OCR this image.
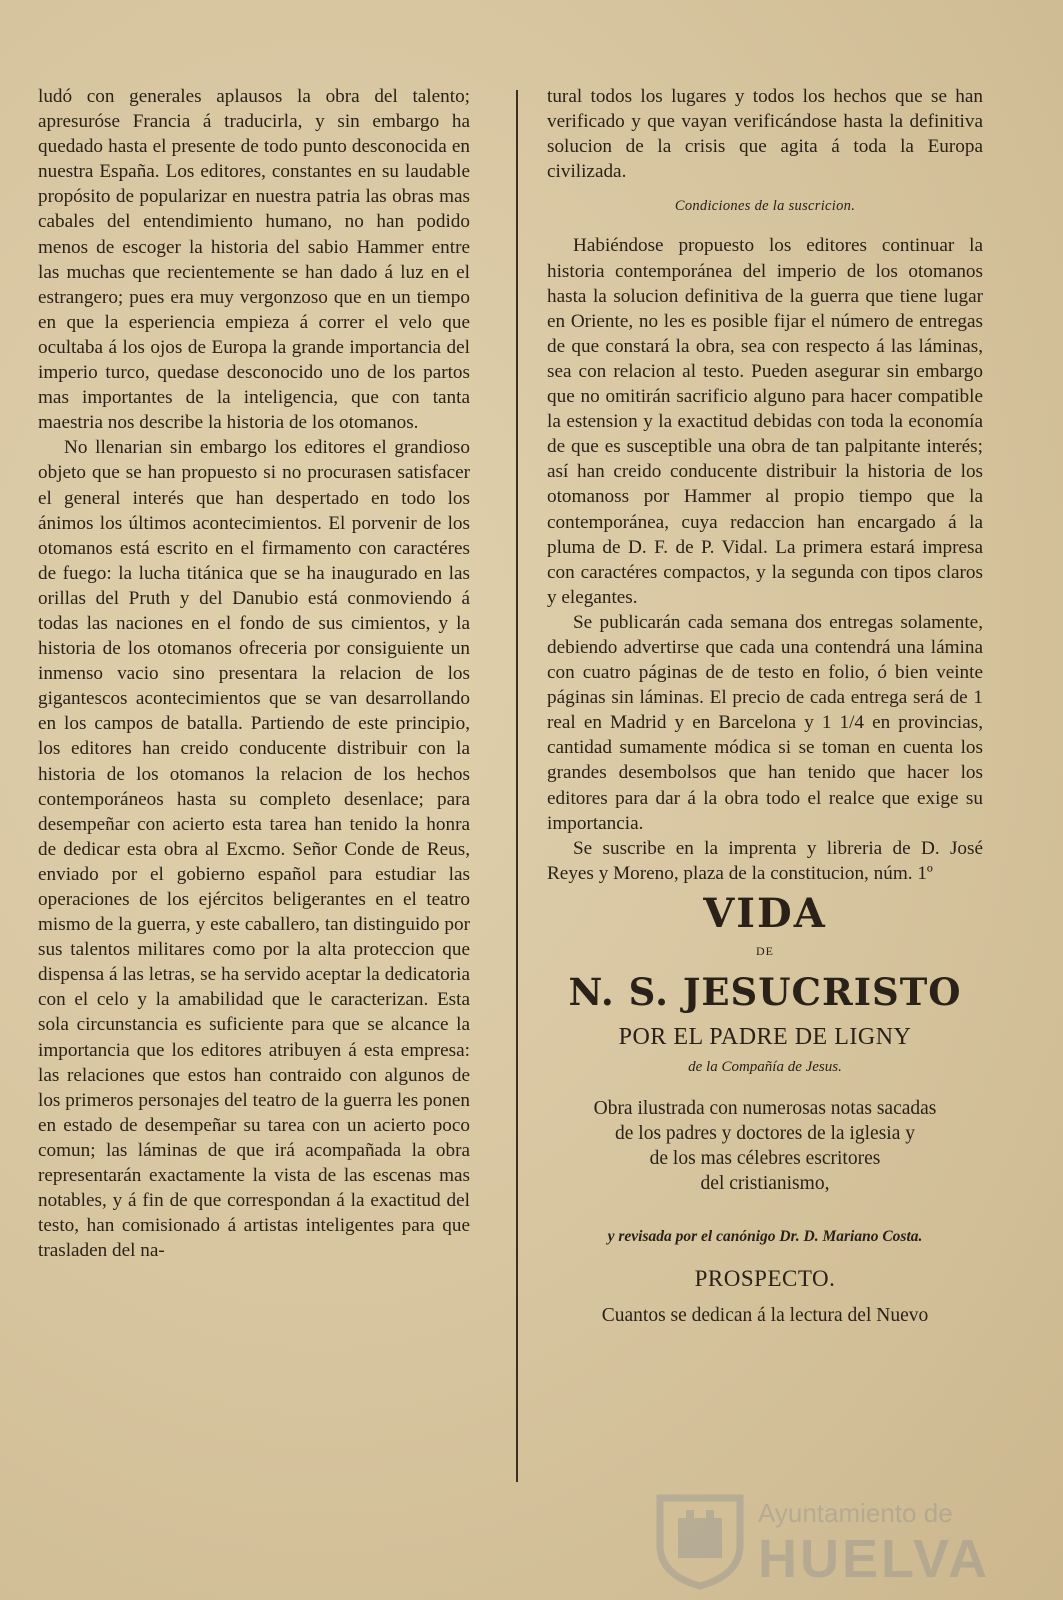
ludó con generales aplausos la obra del talento; apresuróse Francia á traducirla, y sin embargo ha quedado hasta el presente de todo punto desconocida en nuestra España. Los editores, constantes en su laudable propósito de popularizar en nuestra patria las obras mas cabales del entendimiento humano, no han podido menos de escoger la historia del sabio Hammer entre las muchas que recientemente se han dado á luz en el estrangero; pues era muy vergonzoso que en un tiempo en que la esperiencia empieza á correr el velo que ocultaba á los ojos de Europa la grande importancia del imperio turco, quedase desconocido uno de los partos mas importantes de la inteligencia, que con tanta maestria nos describe la historia de los otomanos.

No llenarian sin embargo los editores el grandioso objeto que se han propuesto si no procurasen satisfacer el general interés que han despertado en todo los ánimos los últimos acontecimientos. El porvenir de los otomanos está escrito en el firmamento con caractéres de fuego: la lucha titánica que se ha inaugurado en las orillas del Pruth y del Danubio está conmoviendo á todas las naciones en el fondo de sus cimientos, y la historia de los otomanos ofreceria por consiguiente un inmenso vacio sino presentara la relacion de los gigantescos acontecimientos que se van desarrollando en los campos de batalla. Partiendo de este principio, los editores han creido conducente distribuir con la historia de los otomanos la relacion de los hechos contemporáneos hasta su completo desenlace; para desempeñar con acierto esta tarea han tenido la honra de dedicar esta obra al Excmo. Señor Conde de Reus, enviado por el gobierno español para estudiar las operaciones de los ejércitos beligerantes en el teatro mismo de la guerra, y este caballero, tan distinguido por sus talentos militares como por la alta proteccion que dispensa á las letras, se ha servido aceptar la dedicatoria con el celo y la amabilidad que le caracterizan. Esta sola circunstancia es suficiente para que se alcance la importancia que los editores atribuyen á esta empresa: las relaciones que estos han contraido con algunos de los primeros personajes del teatro de la guerra les ponen en estado de desempeñar su tarea con un acierto poco comun; las láminas de que irá acompañada la obra representarán exactamente la vista de las escenas mas notables, y á fin de que correspondan á la exactitud del testo, han comisionado á artistas inteligentes para que trasladen del na-

tural todos los lugares y todos los hechos que se han verificado y que vayan verificándose hasta la definitiva solucion de la crisis que agita á toda la Europa civilizada.

Condiciones de la suscricion.

Habiéndose propuesto los editores continuar la historia contemporánea del imperio de los otomanos hasta la solucion definitiva de la guerra que tiene lugar en Oriente, no les es posible fijar el número de entregas de que constará la obra, sea con respecto á las láminas, sea con relacion al testo. Pueden asegurar sin embargo que no omitirán sacrificio alguno para hacer compatible la estension y la exactitud debidas con toda la economía de que es susceptible una obra de tan palpitante interés; así han creido conducente distribuir la historia de los otomanoss por Hammer al propio tiempo que la contemporánea, cuya redaccion han encargado á la pluma de D. F. de P. Vidal. La primera estará impresa con caractéres compactos, y la segunda con tipos claros y elegantes.

Se publicarán cada semana dos entregas solamente, debiendo advertirse que cada una contendrá una lámina con cuatro páginas de de testo en folio, ó bien veinte páginas sin láminas. El precio de cada entrega será de 1 real en Madrid y en Barcelona y 1 1/4 en provincias, cantidad sumamente módica si se toman en cuenta los grandes desembolsos que han tenido que hacer los editores para dar á la obra todo el realce que exige su importancia.

Se suscribe en la imprenta y libreria de D. José Reyes y Moreno, plaza de la constitucion, núm. 1º

VIDA
DE
N. S. JESUCRISTO
POR EL PADRE DE LIGNY
de la Compañía de Jesus.
Obra ilustrada con numerosas notas sacadas
de los padres y doctores de la iglesia y
de los mas célebres escritores
del cristianismo,
y revisada por el canónigo Dr. D. Mariano Costa.
PROSPECTO.
Cuantos se dedican á la lectura del Nuevo
Ayuntamiento de
HUELVA
